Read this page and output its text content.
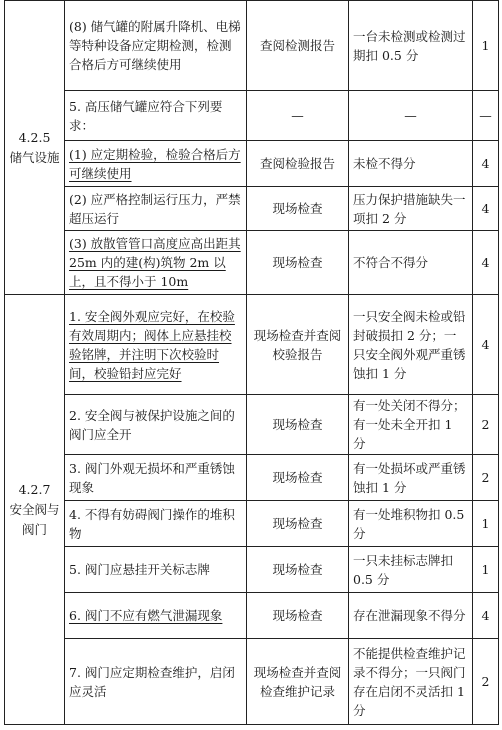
4.2.5
储气设施	(8) 储气罐的附属升降机、电梯等特种设备应定期检测，检测合格后方可继续使用	查阅检测报告	一台未检测或检测过期扣 0.5 分	1
	5. 高压储气罐应符合下列要求：	—	—	—
	(1) 应定期检验，检验合格后方可继续使用	查阅检验报告	未检不得分	4
	(2) 应严格控制运行压力，严禁超压运行	现场检查	压力保护措施缺失一项扣 2 分	4
	(3) 放散管管口高度应高出距其 25m 内的建(构)筑物 2m 以上，且不得小于 10m	现场检查	不符合不得分	4
4.2.7
安全阀与阀门	1. 安全阀外观应完好，在校验有效周期内；阀体上应悬挂校验铭牌，并注明下次校验时间，校验铅封应完好	现场检查并查阅校验报告	一只安全阀未检或铅封破损扣 2 分；一只安全阀外观严重锈蚀扣 1 分	4
	2. 安全阀与被保护设施之间的阀门应全开	现场检查	有一处关闭不得分；有一处未全开扣 1 分	2
	3. 阀门外观无损坏和严重锈蚀现象	现场检查	有一处损坏或严重锈蚀扣 1 分	2
	4. 不得有妨碍阀门操作的堆积物	现场检查	有一处堆积物扣 0.5 分	1
	5. 阀门应悬挂开关标志牌	现场检查	一只未挂标志牌扣 0.5 分	1
	6. 阀门不应有燃气泄漏现象	现场检查	存在泄漏现象不得分	4
	7. 阀门应定期检查维护，启闭应灵活	现场检查并查阅检查维护记录	不能提供检查维护记录不得分；一只阀门存在启闭不灵活扣 1 分	2
